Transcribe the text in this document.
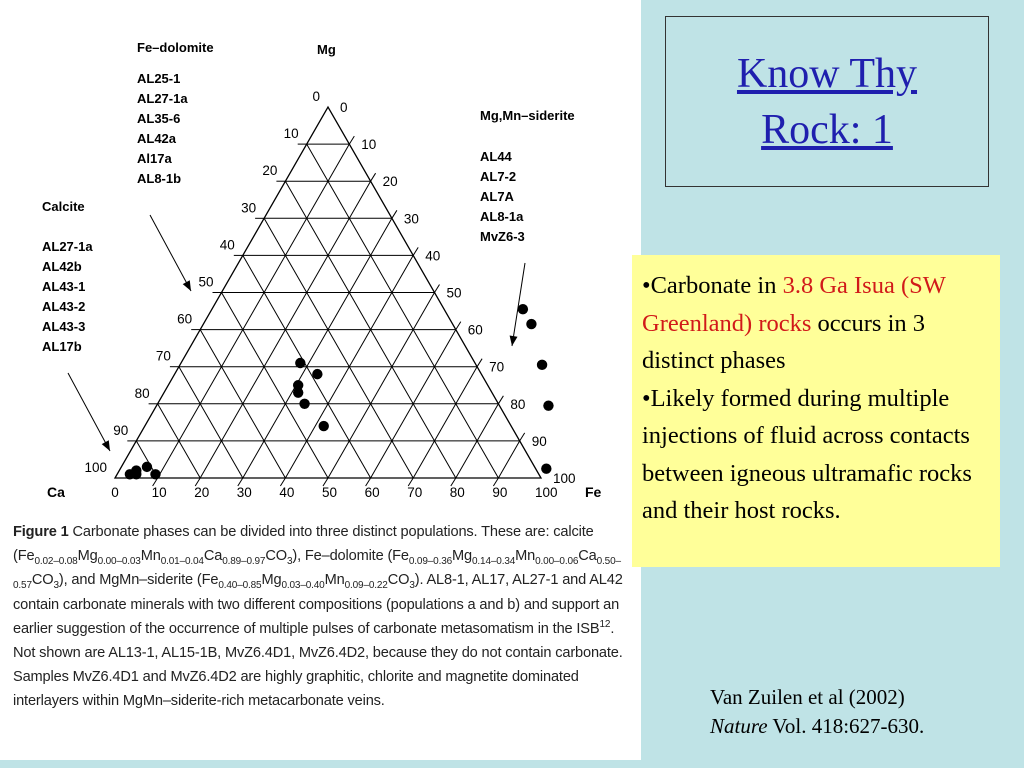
0
0
100
10
10
90
20
20
80
30
30
70
40
40
60
50
50
50
60
60
40
70
70
30
80
80
20
90
90
10
100
100
0
Mg
Ca	Fe
Fe–dolomite
AL25-1
AL27-1a
AL35-6
AL42a
Al17a
AL8-1b
Mg,Mn–siderite
AL44
AL7-2
AL7A
AL8-1a
MvZ6-3
Calcite
AL27-1a
AL42b
AL43-1
AL43-2
AL43-3
AL17b
Figure 1 Carbonate phases can be divided into three distinct populations. These are: calcite $(Fe_{0.02-0.08}Mg_{0.00-0.03}Mn_{0.01-0.04}Ca_{0.89-0.97}CO_3)$, Fe–dolomite $(Fe_{0.09-0.36}Mg_{0.14-0.34}Mn_{0.00-0.06}Ca_{0.50-0.57}CO_3)$, and MgMn–siderite $(Fe_{0.40-0.85}Mg_{0.03-0.40}Mn_{0.09-0.22}CO_3)$. AL8-1, AL17, AL27-1 and AL42 contain carbonate minerals with two different compositions (populations a and b) and support an earlier suggestion of the occurrence of multiple pulses of carbonate metasomatism in the ISB$^{12}$. Not shown are AL13-1, AL15-1B, MvZ6.4D1, MvZ6.4D2, because they do not contain carbonate. Samples MvZ6.4D1 and MvZ6.4D2 are highly graphitic, chlorite and magnetite dominated interlayers within MgMn–siderite-rich metacarbonate veins.
Know Thy Rock: 1
•Carbonate in 3.8 Ga Isua (SW Greenland) rocks occurs in 3 distinct phases
•Likely formed during multiple injections of fluid across contacts between igneous ultramafic rocks and their host rocks.
Van Zuilen et al (2002)
Nature Vol. 418:627-630.
